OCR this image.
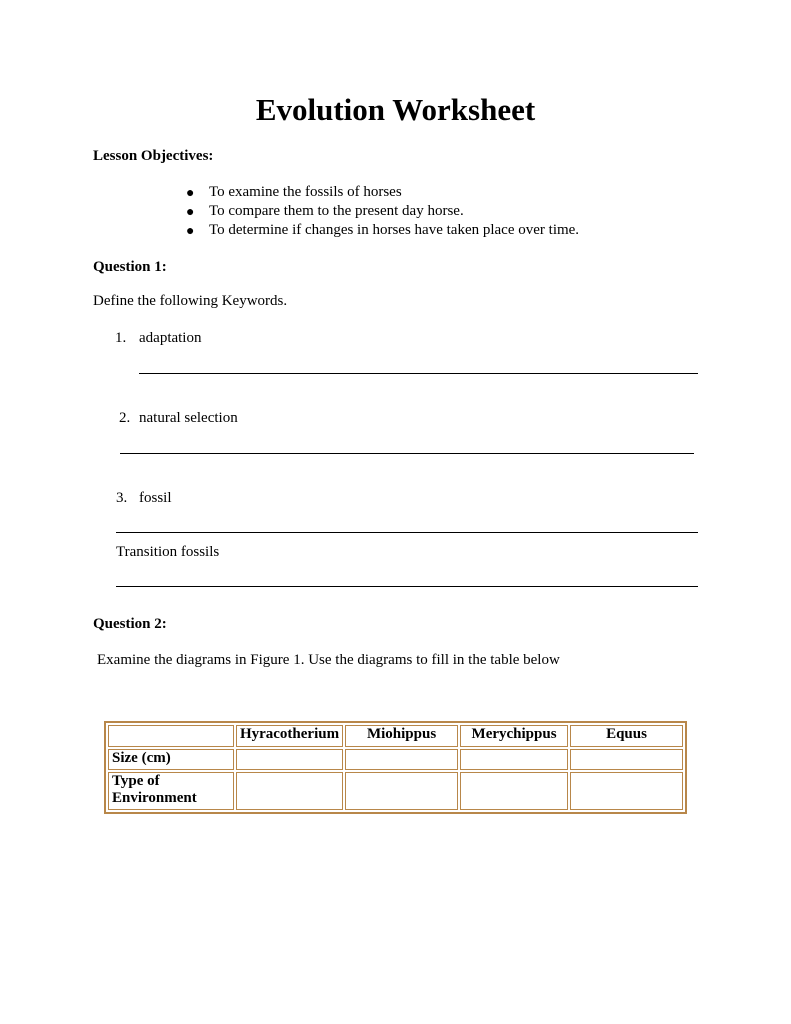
Evolution Worksheet
Lesson Objectives:
● To examine the fossils of horses
● To compare them to the present day horse.
● To determine if changes in horses have taken place over time.
Question 1:
Define the following Keywords.
1. adaptation
2. natural selection
3. fossil
Transition fossils
Question 2:
Examine the diagrams in Figure 1. Use the diagrams to fill in the table below
	Hyracotherium	Miohippus	Merychippus	Equus
Size (cm)				
Type of
Environment				
